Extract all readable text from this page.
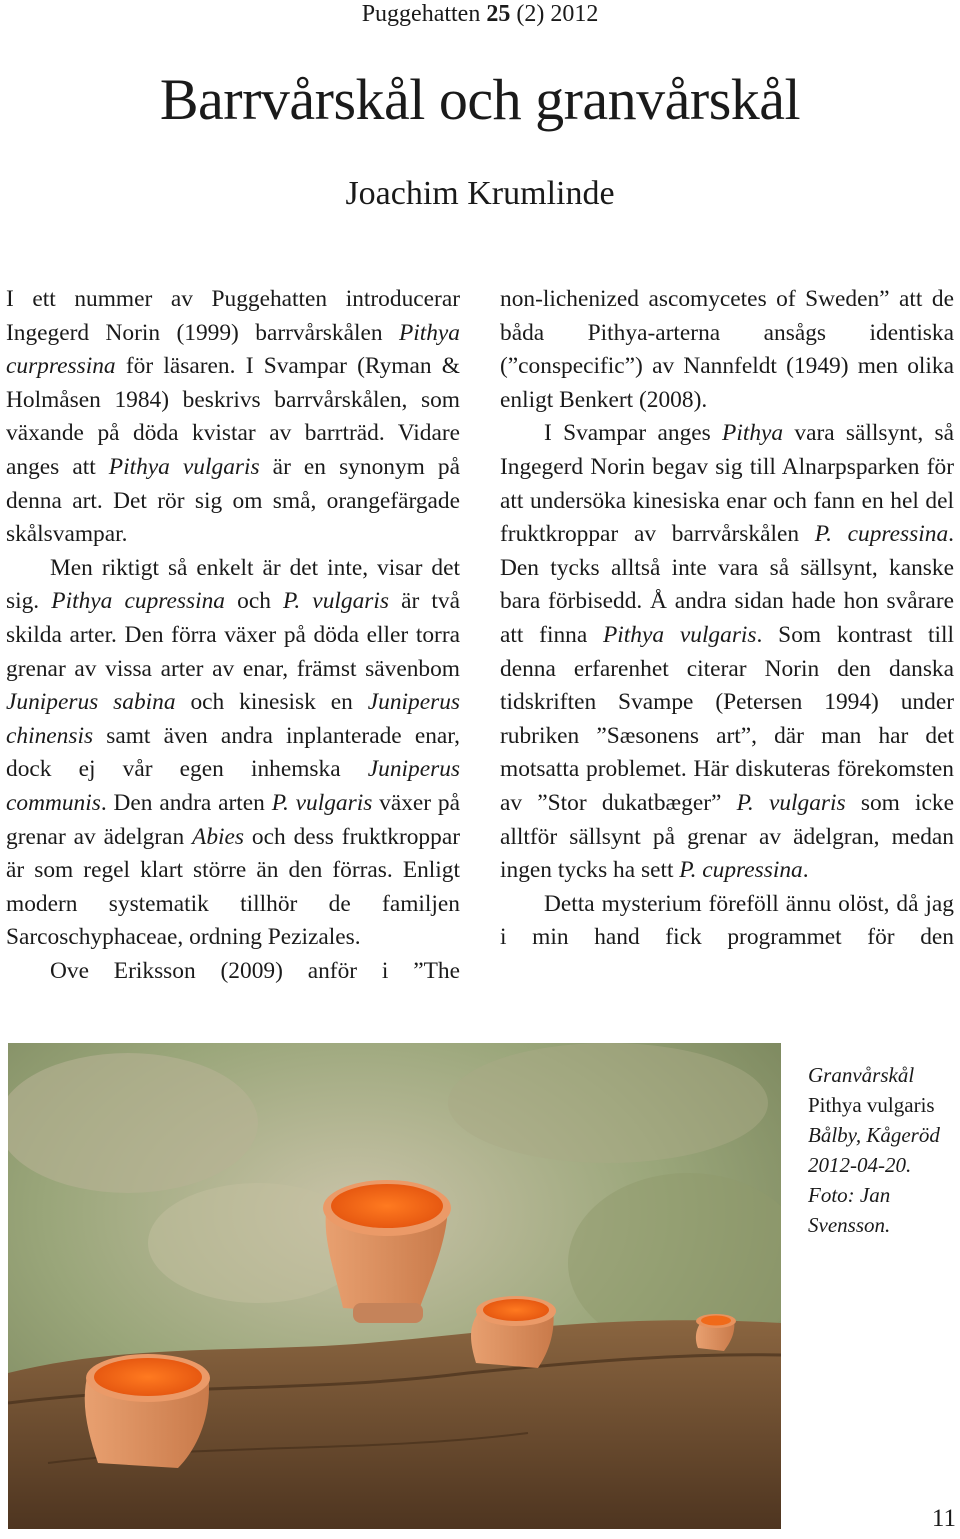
Puggehatten 25 (2) 2012
Barrvårskål och granvårskål
Joachim Krumlinde

I ett nummer av Puggehatten introducerar Ingegerd Norin (1999) barrvårskålen Pithya curpressina för läsaren. I Svampar (Ryman & Holmåsen 1984) beskrivs barrvårskålen, som växande på döda kvistar av barrträd. Vidare anges att Pithya vulgaris är en synonym på denna art. Det rör sig om små, orangefärgade skålsvampar.

Men riktigt så enkelt är det inte, visar det sig. Pithya cupressina och P. vulgaris är två skilda arter. Den förra växer på döda eller torra grenar av vissa arter av enar, främst sävenbom Juniperus sabina och kinesisk en Juniperus chinensis samt även andra inplanterade enar, dock ej vår egen inhemska Juniperus communis. Den andra arten P. vulgaris växer på grenar av ädelgran Abies och dess fruktkroppar är som regel klart större än den förras. Enligt modern systematik tillhör de familjen Sarcoschyphaceae, ordning Pezizales.

Ove Eriksson (2009) anför i ”The

non-lichenized ascomycetes of Sweden” att de båda Pithya-arterna ansågs identiska (”conspecific”) av Nannfeldt (1949) men olika enligt Benkert (2008).

I Svampar anges Pithya vara sällsynt, så Ingegerd Norin begav sig till Alnarpsparken för att undersöka kinesiska enar och fann en hel del fruktkroppar av barrvårskålen P. cupressina. Den tycks alltså inte vara så sällsynt, kanske bara förbisedd. Å andra sidan hade hon svårare att finna Pithya vulgaris. Som kontrast till denna erfarenhet citerar Norin den danska tidskriften Svampe (Petersen 1994) under rubriken ”Sæsonens art”, där man har det motsatta problemet. Här diskuteras förekomsten av ”Stor dukatbæger” P. vulgaris som icke alltför sällsynt på grenar av ädelgran, medan ingen tycks ha sett P. cupressina.

Detta mysterium föreföll ännu olöst, då jag i min hand fick programmet för den

Granvårskål
Pithya vulgaris
Bålby, Kågeröd 2012-04-20. Foto: Jan Svensson.
11
